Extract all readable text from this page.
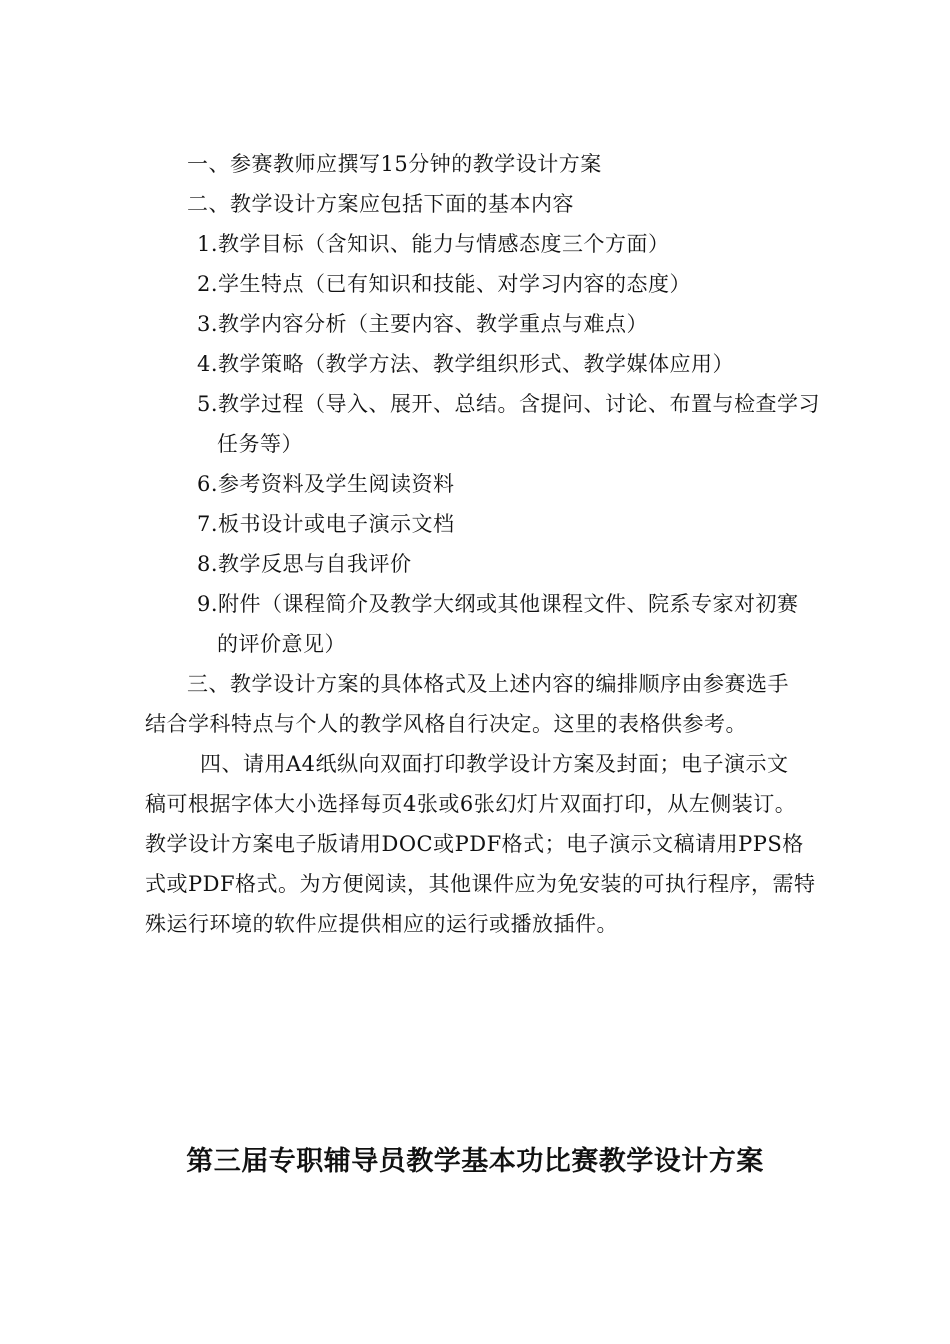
一、参赛教师应撰写15分钟的教学设计方案
二、教学设计方案应包括下面的基本内容
1.教学目标（含知识、能力与情感态度三个方面）
2.学生特点（已有知识和技能、对学习内容的态度）
3.教学内容分析（主要内容、教学重点与难点）
4.教学策略（教学方法、教学组织形式、教学媒体应用）
5.教学过程（导入、展开、总结。含提问、讨论、布置与检查学习
任务等）
6.参考资料及学生阅读资料
7.板书设计或电子演示文档
8.教学反思与自我评价
9.附件（课程简介及教学大纲或其他课程文件、院系专家对初赛
的评价意见）
三、教学设计方案的具体格式及上述内容的编排顺序由参赛选手
结合学科特点与个人的教学风格自行决定。这里的表格供参考。
四、请用A4纸纵向双面打印教学设计方案及封面；电子演示文
稿可根据字体大小选择每页4张或6张幻灯片双面打印，从左侧装订。
教学设计方案电子版请用DOC或PDF格式；电子演示文稿请用PPS格
式或PDF格式。为方便阅读，其他课件应为免安装的可执行程序，需特
殊运行环境的软件应提供相应的运行或播放插件。
第三届专职辅导员教学基本功比赛教学设计方案
